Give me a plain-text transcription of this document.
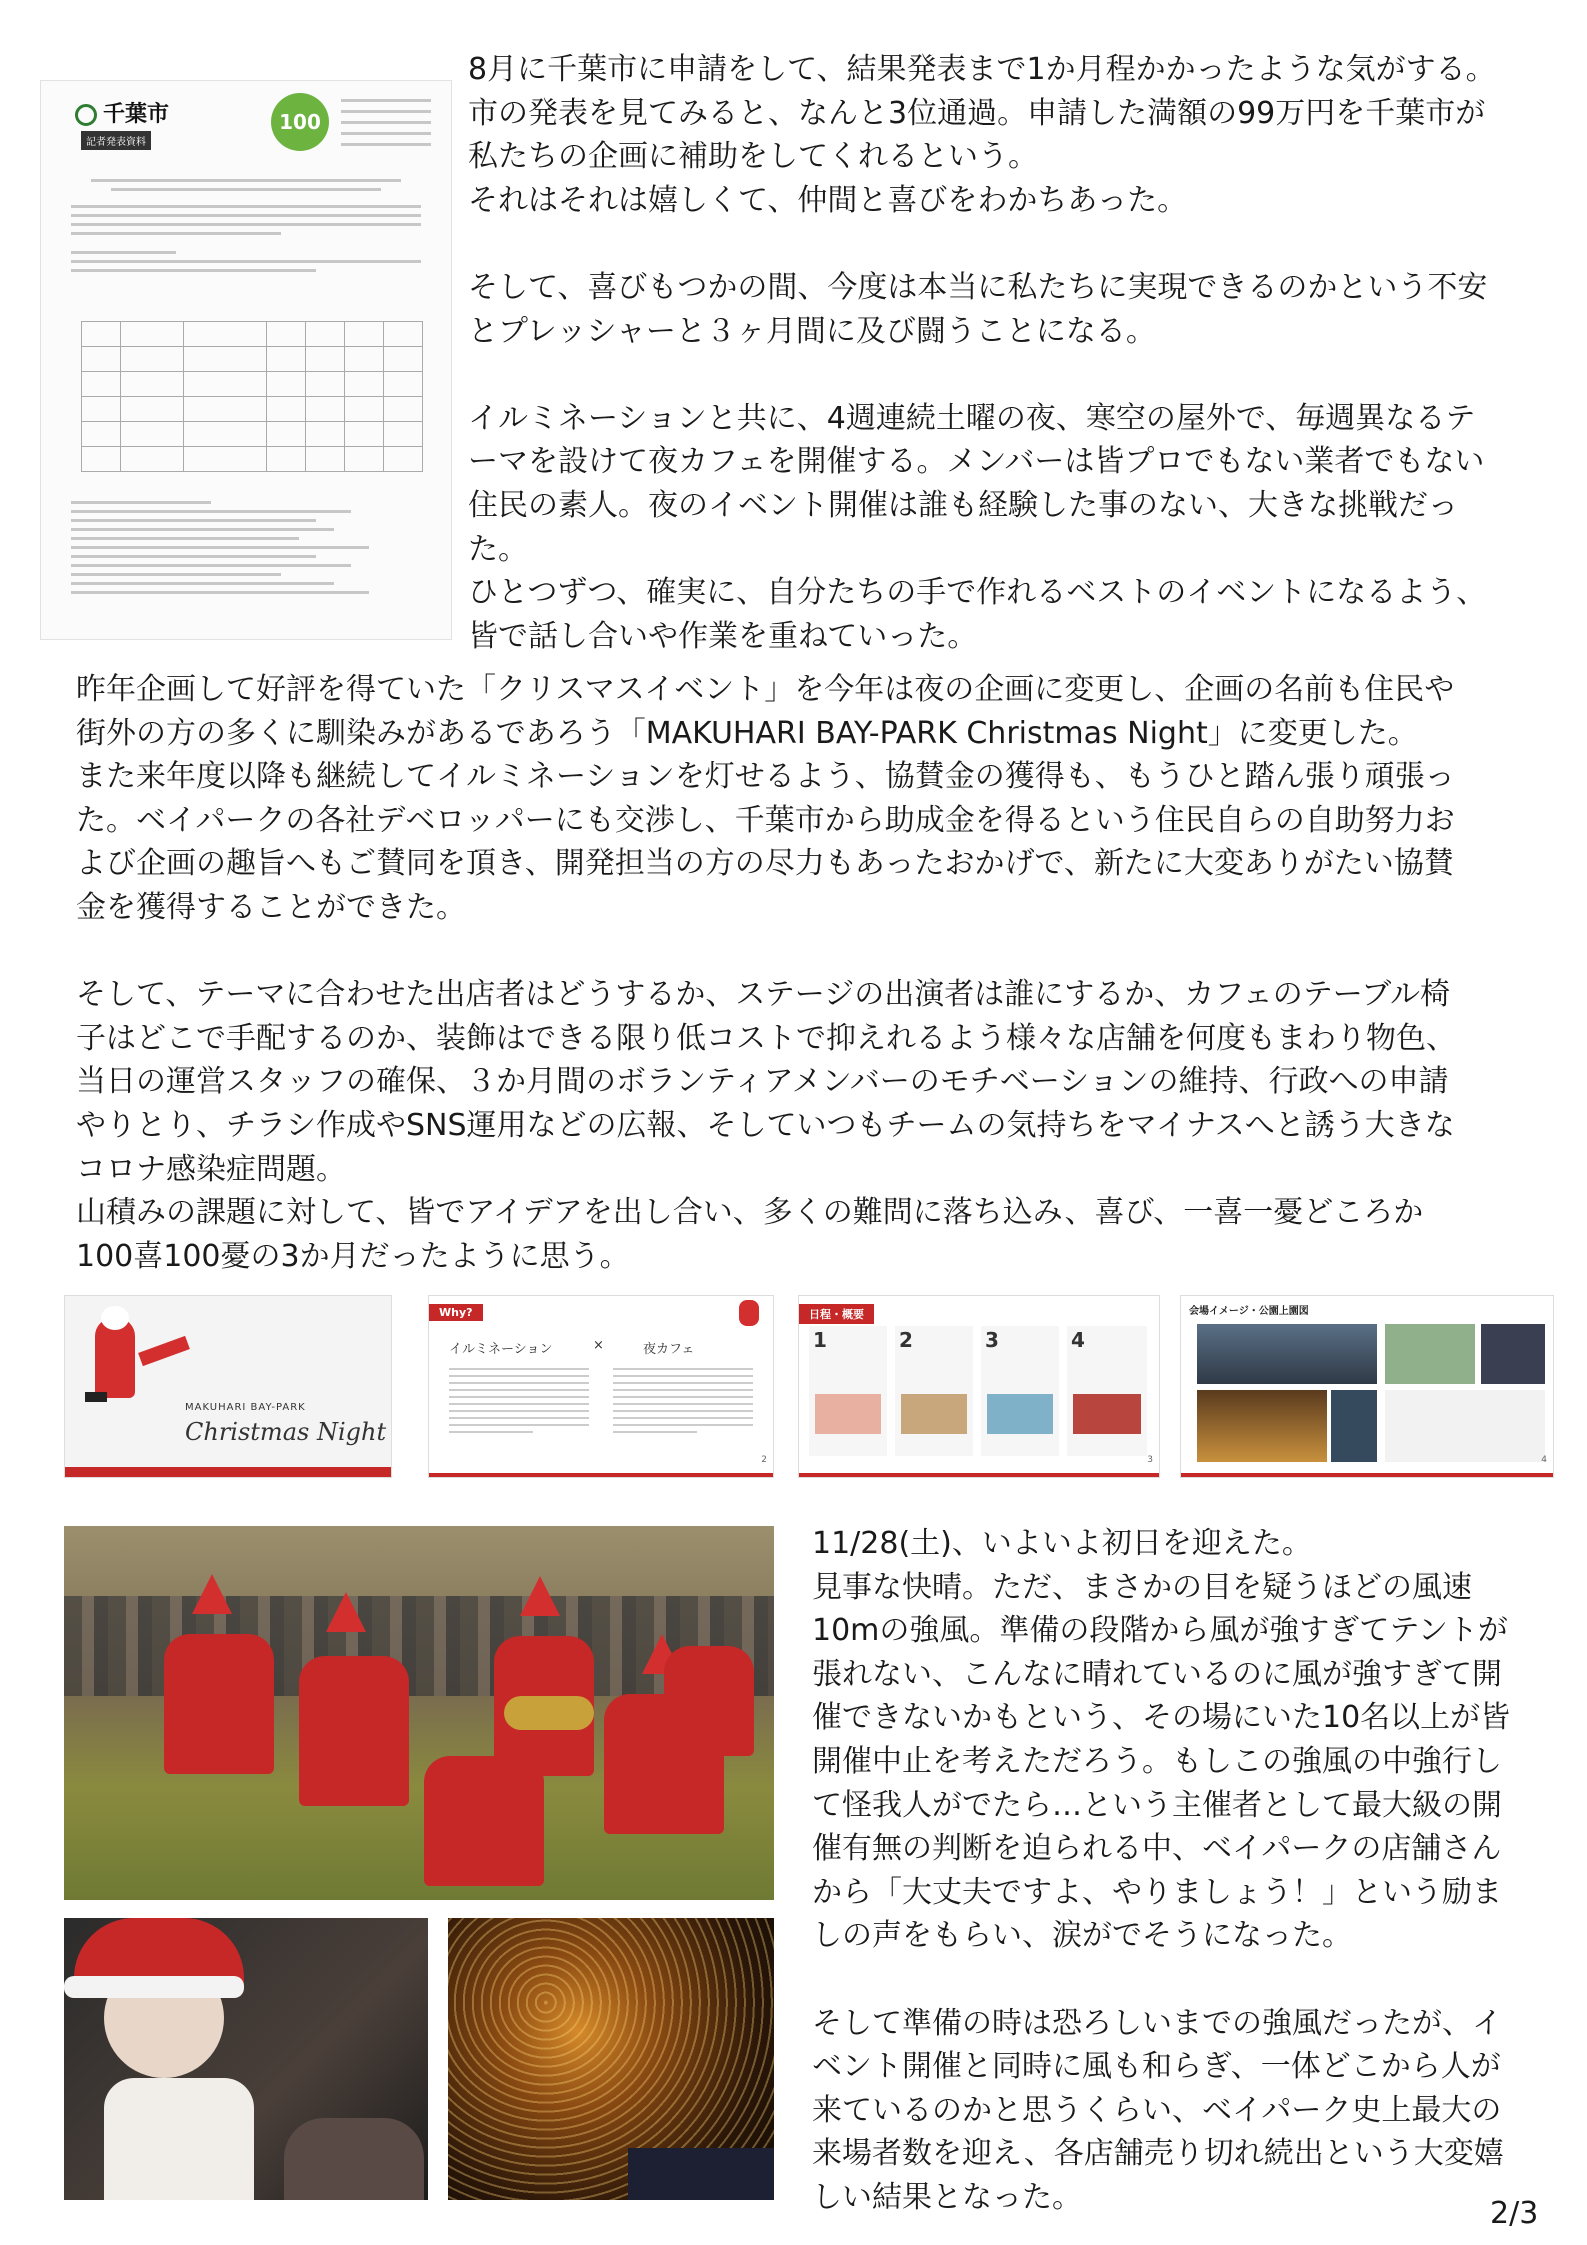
8月に千葉市に申請をして、結果発表まで1か月程かかったような気がする。

市の発表を見てみると、なんと3位通過。申請した満額の99万円を千葉市が

私たちの企画に補助をしてくれるという。

それはそれは嬉しくて、仲間と喜びをわかちあった。

そして、喜びもつかの間、今度は本当に私たちに実現できるのかという不安

とプレッシャーと３ヶ月間に及び闘うことになる。

イルミネーションと共に、4週連続土曜の夜、寒空の屋外で、毎週異なるテ

ーマを設けて夜カフェを開催する。メンバーは皆プロでもない業者でもない

住民の素人。夜のイベント開催は誰も経験した事のない、大きな挑戦だっ

た。

ひとつずつ、確実に、自分たちの手で作れるベストのイベントになるよう、

皆で話し合いや作業を重ねていった。

千葉市
記者発表資料
100

昨年企画して好評を得ていた「クリスマスイベント」を今年は夜の企画に変更し、企画の名前も住民や

街外の方の多くに馴染みがあるであろう「MAKUHARI BAY-PARK Christmas Night」に変更した。

また来年度以降も継続してイルミネーションを灯せるよう、協賛金の獲得も、もうひと踏ん張り頑張っ

た。ベイパークの各社デベロッパーにも交渉し、千葉市から助成金を得るという住民自らの自助努力お

よび企画の趣旨へもご賛同を頂き、開発担当の方の尽力もあったおかげで、新たに大変ありがたい協賛

金を獲得することができた。

そして、テーマに合わせた出店者はどうするか、ステージの出演者は誰にするか、カフェのテーブル椅

子はどこで手配するのか、装飾はできる限り低コストで抑えれるよう様々な店舗を何度もまわり物色、

当日の運営スタッフの確保、３か月間のボランティアメンバーのモチベーションの維持、行政への申請

やりとり、チラシ作成やSNS運用などの広報、そしていつもチームの気持ちをマイナスへと誘う大きな

コロナ感染症問題。

山積みの課題に対して、皆でアイデアを出し合い、多くの難問に落ち込み、喜び、一喜一憂どころか

100喜100憂の3か月だったように思う。

MAKUHARI BAY-PARK
Christmas Night
Why?
イルミネーション	×	夜カフェ
2
日程・概要
1	2	3	4
3
会場イメージ・公園上園図
4

11/28(土)、いよいよ初日を迎えた。

見事な快晴。ただ、まさかの目を疑うほどの風速

10mの強風。準備の段階から風が強すぎてテントが

張れない、こんなに晴れているのに風が強すぎて開

催できないかもという、その場にいた10名以上が皆

開催中止を考えただろう。もしこの強風の中強行し

て怪我人がでたら…という主催者として最大級の開

催有無の判断を迫られる中、ベイパークの店舗さん

から「大丈夫ですよ、やりましょう！」という励ま

しの声をもらい、涙がでそうになった。

そして準備の時は恐ろしいまでの強風だったが、イ

ベント開催と同時に風も和らぎ、一体どこから人が

来ているのかと思うくらい、ベイパーク史上最大の

来場者数を迎え、各店舗売り切れ続出という大変嬉

しい結果となった。	2/3
